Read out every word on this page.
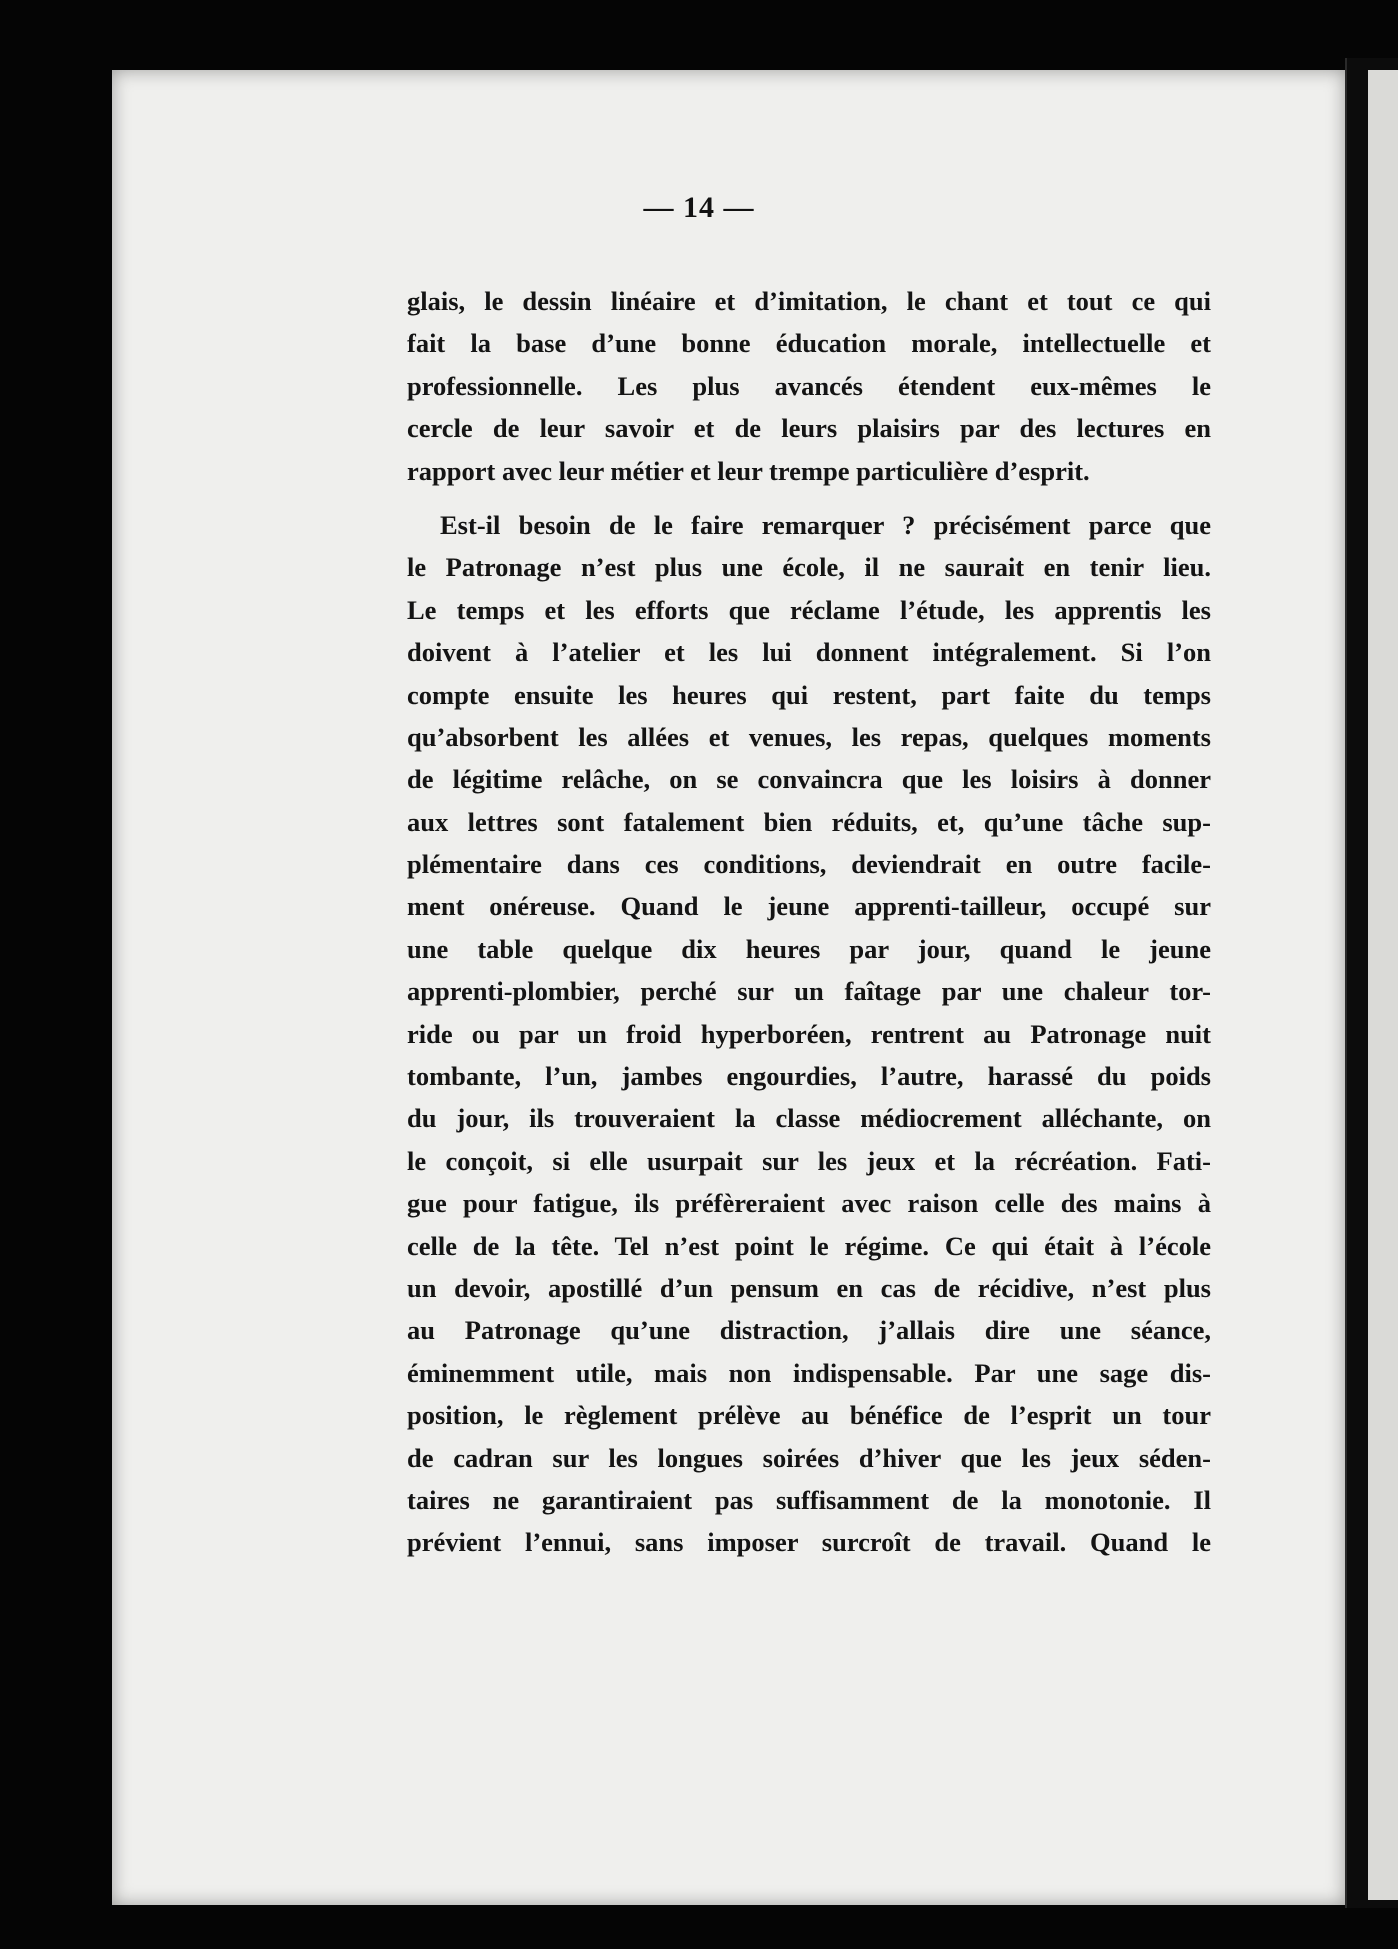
— 14 —
glais, le dessin linéaire et d’imitation, le chant et tout ce qui
fait la base d’une bonne éducation morale, intellectuelle et
professionnelle. Les plus avancés étendent eux-mêmes le
cercle de leur savoir et de leurs plaisirs par des lectures en
rapport avec leur métier et leur trempe particulière d’esprit.
Est-il besoin de le faire remarquer ? précisément parce que
le Patronage n’est plus une école, il ne saurait en tenir lieu.
Le temps et les efforts que réclame l’étude, les apprentis les
doivent à l’atelier et les lui donnent intégralement. Si l’on
compte ensuite les heures qui restent, part faite du temps
qu’absorbent les allées et venues, les repas, quelques moments
de légitime relâche, on se convaincra que les loisirs à donner
aux lettres sont fatalement bien réduits, et, qu’une tâche sup-
plémentaire dans ces conditions, deviendrait en outre facile-
ment onéreuse. Quand le jeune apprenti-tailleur, occupé sur
une table quelque dix heures par jour, quand le jeune
apprenti-plombier, perché sur un faîtage par une chaleur tor-
ride ou par un froid hyperboréen, rentrent au Patronage nuit
tombante, l’un, jambes engourdies, l’autre, harassé du poids
du jour, ils trouveraient la classe médiocrement alléchante, on
le conçoit, si elle usurpait sur les jeux et la récréation. Fati-
gue pour fatigue, ils préfèreraient avec raison celle des mains à
celle de la tête. Tel n’est point le régime. Ce qui était à l’école
un devoir, apostillé d’un pensum en cas de récidive, n’est plus
au Patronage qu’une distraction, j’allais dire une séance,
éminemment utile, mais non indispensable. Par une sage dis-
position, le règlement prélève au bénéfice de l’esprit un tour
de cadran sur les longues soirées d’hiver que les jeux séden-
taires ne garantiraient pas suffisamment de la monotonie. Il
prévient l’ennui, sans imposer surcroît de travail. Quand le
